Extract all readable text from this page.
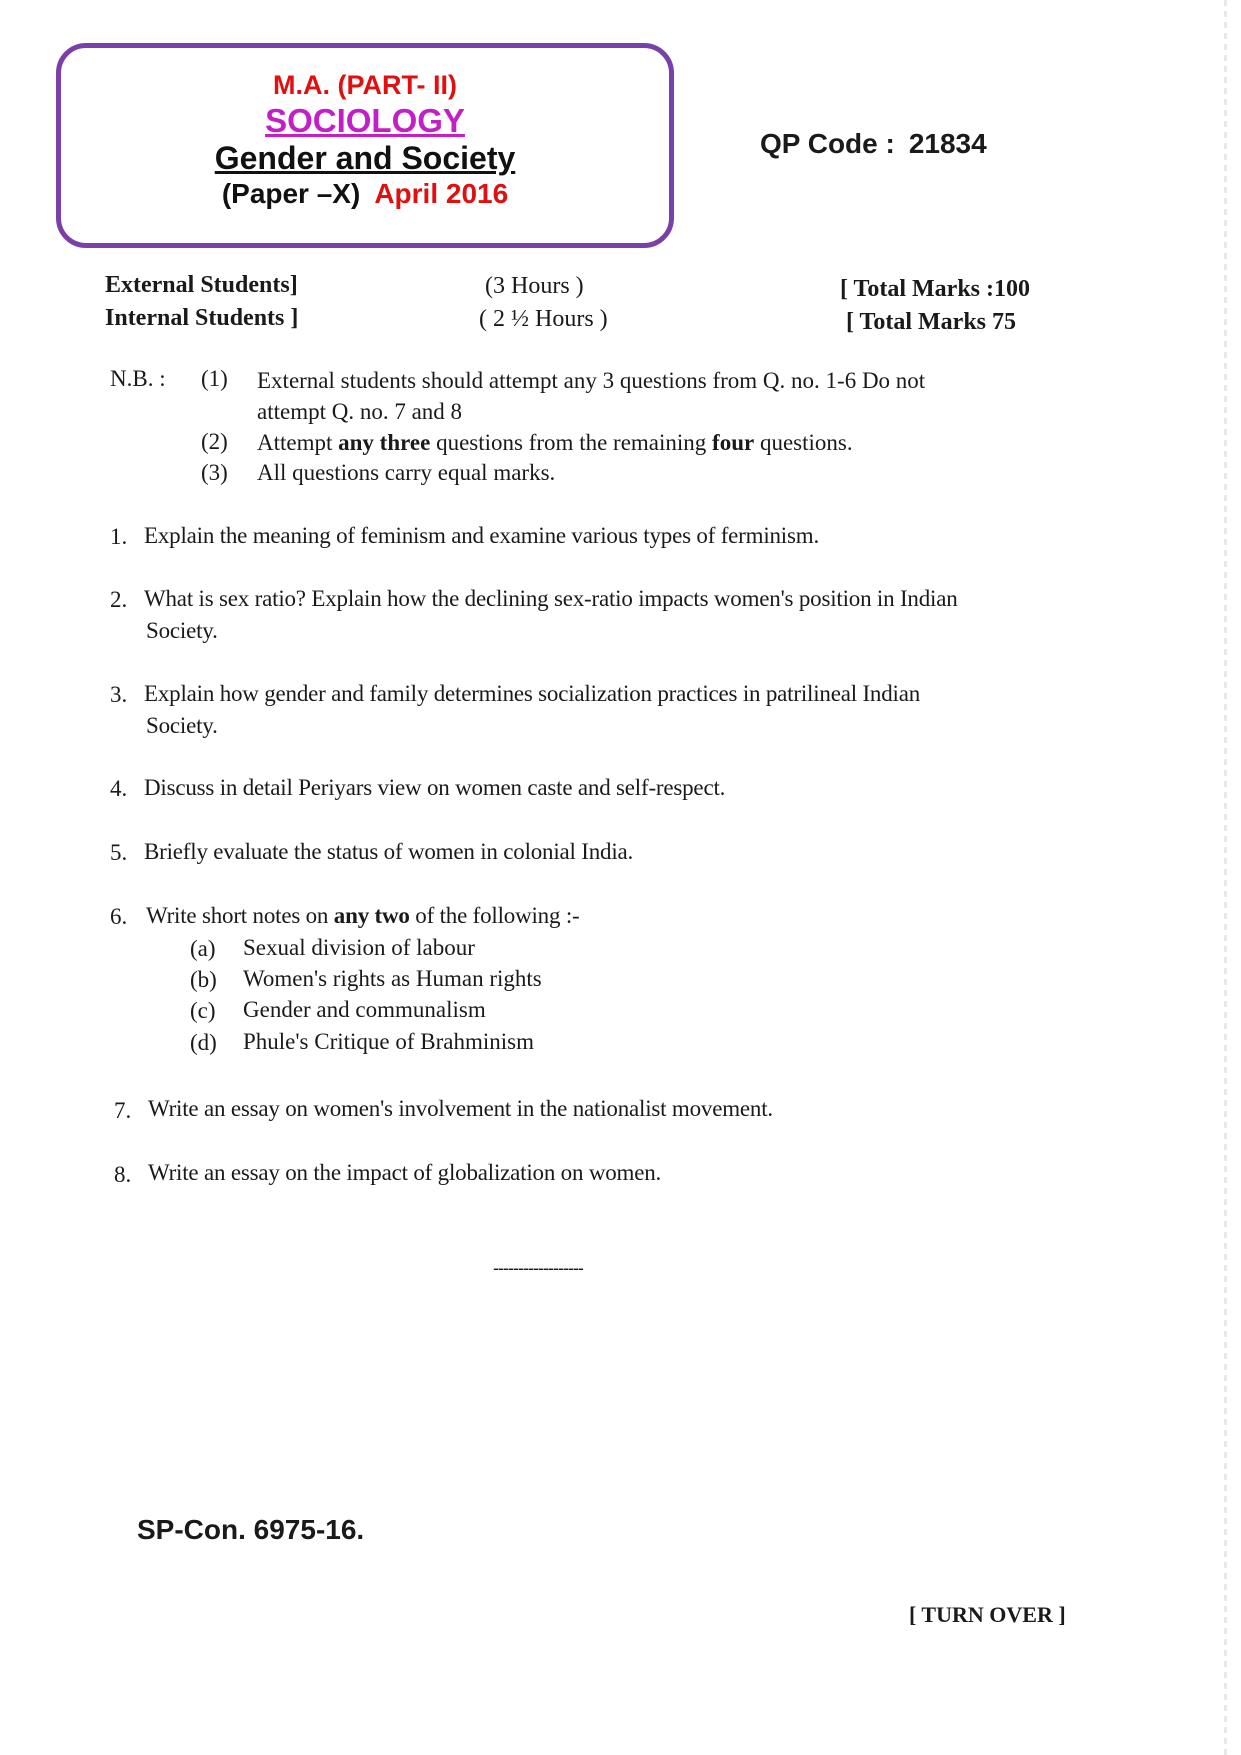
M.A. (PART- II)
SOCIOLOGY
Gender and Society
(Paper –X) April 2016
QP Code : 21834
External Students]	(3 Hours )	[ Total Marks :100
Internal Students ]	( 2 ½ Hours )	[ Total Marks 75
N.B. : (1) External students should attempt any 3 questions from Q. no. 1-6 Do not
attempt Q. no. 7 and 8
(2) Attempt any three questions from the remaining four questions.
(3) All questions carry equal marks.
1. Explain the meaning of feminism and examine various types of ferminism.
2. What is sex ratio? Explain how the declining sex-ratio impacts women's position in Indian
Society.
3. Explain how gender and family determines socialization practices in patrilineal Indian
Society.
4. Discuss in detail Periyars view on women caste and self-respect.
5. Briefly evaluate the status of women in colonial India.
6. Write short notes on any two of the following :-
(a) Sexual division of labour
(b) Women's rights as Human rights
(c) Gender and communalism
(d) Phule's Critique of Brahminism
7. Write an essay on women's involvement in the nationalist movement.
8. Write an essay on the impact of globalization on women.
------------------
SP-Con. 6975-16.
[ TURN OVER ]
